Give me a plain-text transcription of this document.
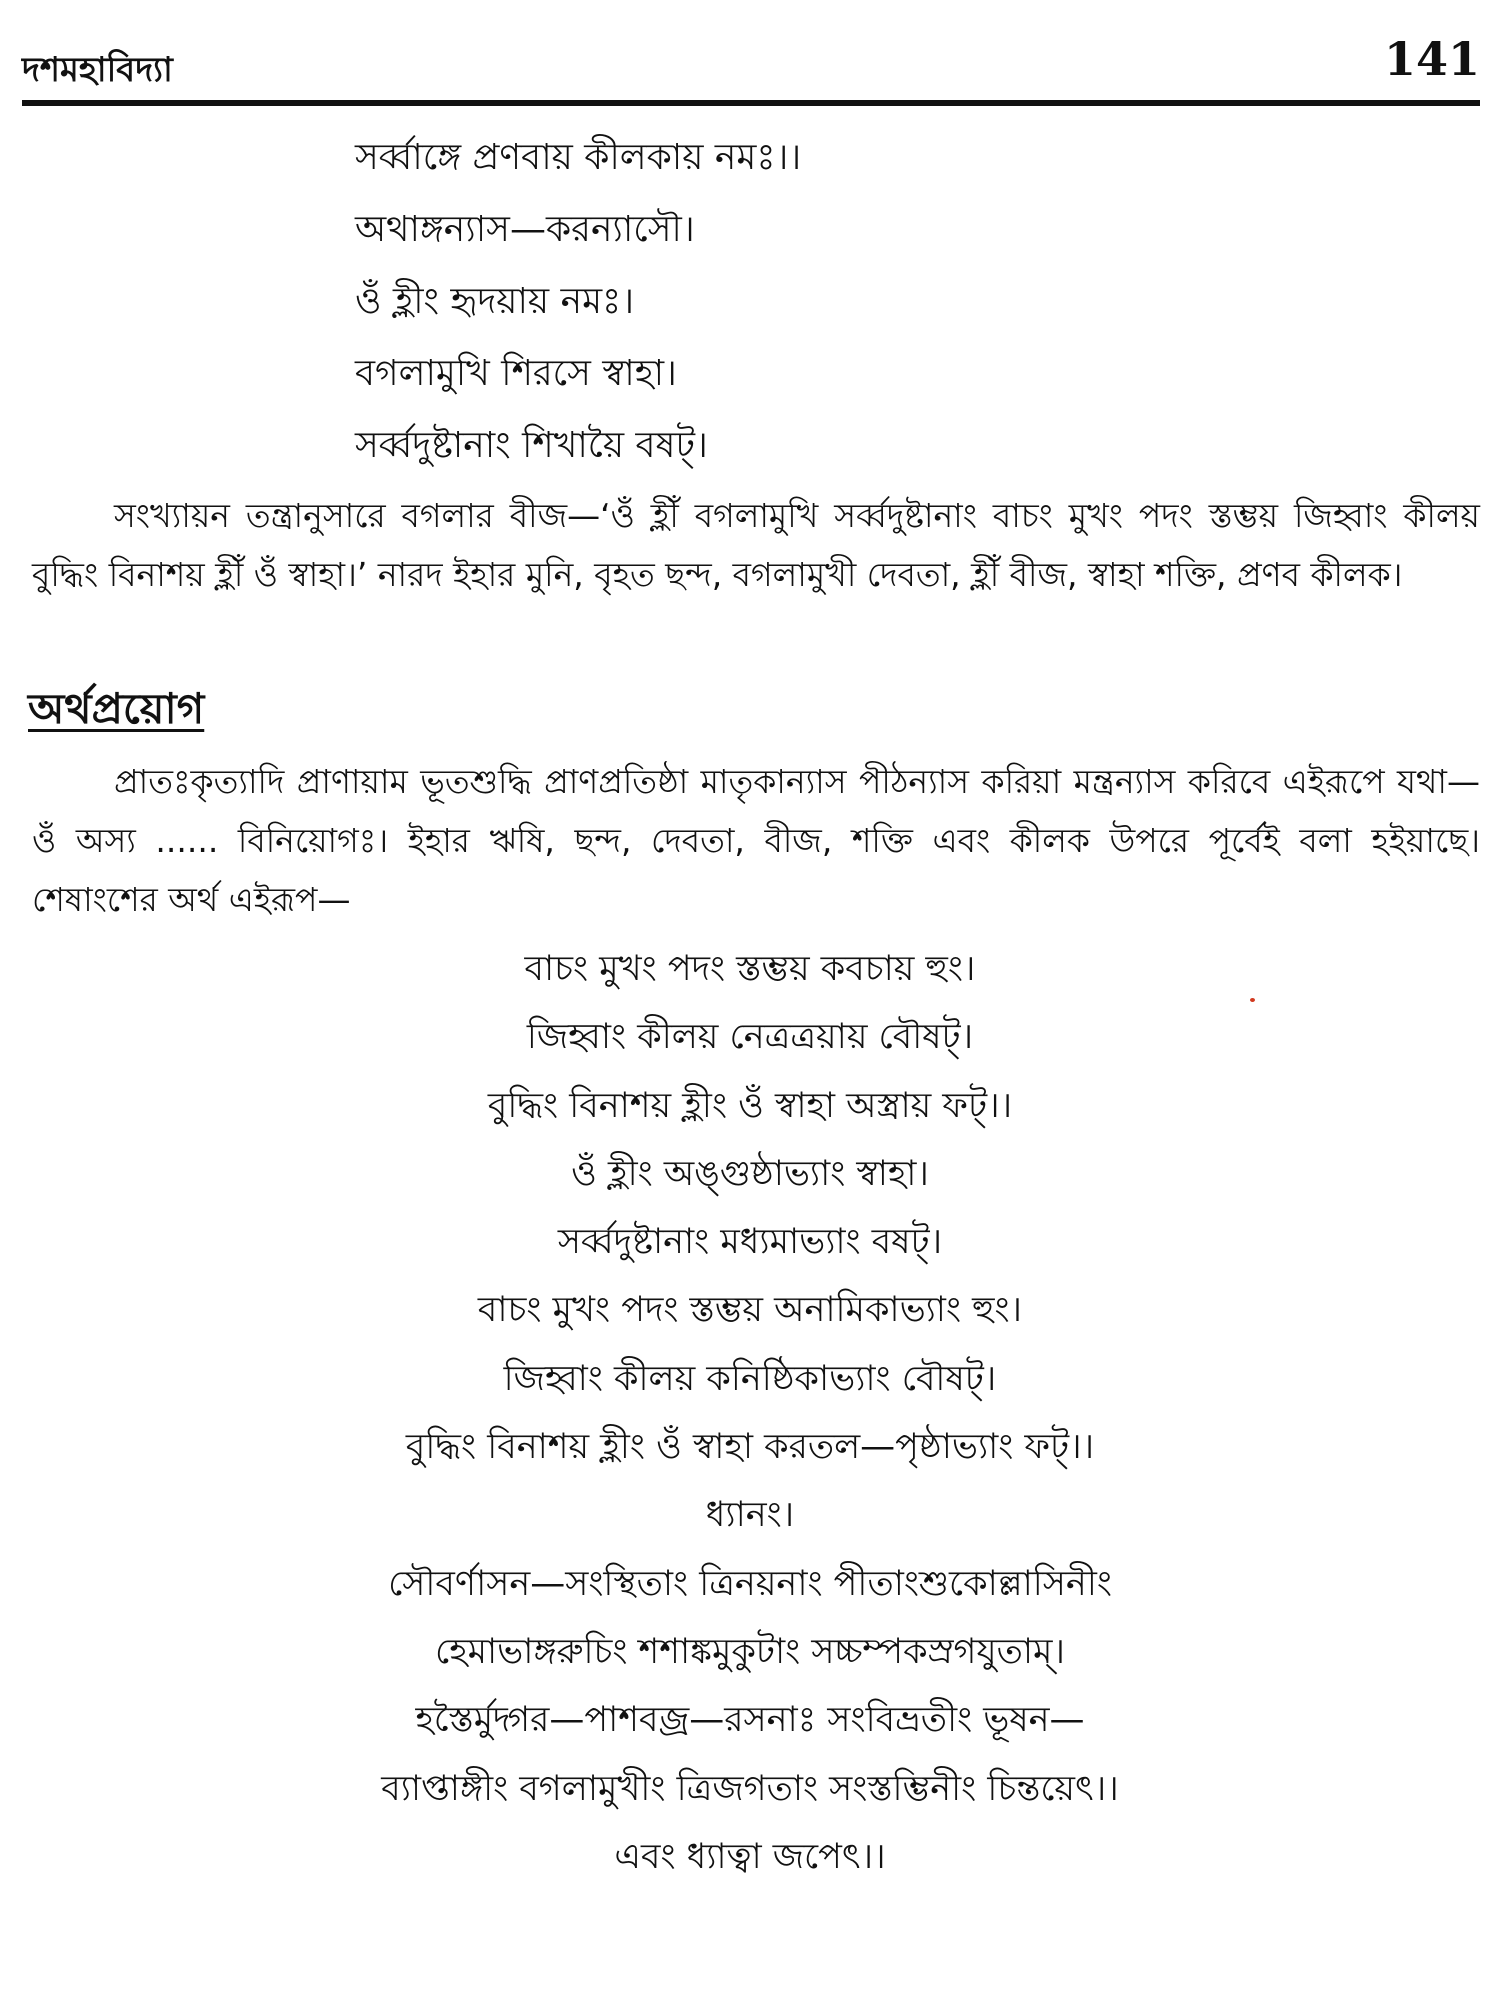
দশমহাবিদ্যা	141
সর্ব্বাঙ্গে প্রণবায় কীলকায় নমঃ।।
অথাঙ্গন্যাস—করন্যাসৌ।
ওঁ হ্লীং হৃদয়ায় নমঃ।
বগলামুখি শিরসে স্বাহা।
সর্ব্বদুষ্টানাং শিখায়ৈ বষট্।
সংখ্যায়ন তন্ত্রানুসারে বগলার বীজ—‘ওঁ হ্লীঁ বগলামুখি সর্ব্বদুষ্টানাং বাচং মুখং পদং স্তম্ভয় জিহ্বাং কীলয় বুদ্ধিং বিনাশয় হ্লীঁ ওঁ স্বাহা।’ নারদ ইহার মুনি, বৃহত ছন্দ, বগলামুখী দেবতা, হ্লীঁ বীজ, স্বাহা শক্তি, প্রণব কীলক।
অর্থপ্রয়োগ
প্রাতঃকৃত্যাদি প্রাণায়াম ভূতশুদ্ধি প্রাণপ্রতিষ্ঠা মাতৃকান্যাস পীঠন্যাস করিয়া মন্ত্রন্যাস করিবে এইরূপে যথা—ওঁ অস্য ...... বিনিয়োগঃ। ইহার ঋষি, ছন্দ, দেবতা, বীজ, শক্তি এবং কীলক উপরে পূর্বেই বলা হইয়াছে। শেষাংশের অর্থ এইরূপ—
বাচং মুখং পদং স্তম্ভয় কবচায় হুং।
জিহ্বাং কীলয় নেত্রত্রয়ায় বৌষট্।
বুদ্ধিং বিনাশয় হ্লীং ওঁ স্বাহা অস্ত্রায় ফট্।।
ওঁ হ্লীং অঙ্গুষ্ঠাভ্যাং স্বাহা।
সর্ব্বদুষ্টানাং মধ্যমাভ্যাং বষট্।
বাচং মুখং পদং স্তম্ভয় অনামিকাভ্যাং হুং।
জিহ্বাং কীলয় কনিষ্ঠিকাভ্যাং বৌষট্।
বুদ্ধিং বিনাশয় হ্লীং ওঁ স্বাহা করতল—পৃষ্ঠাভ্যাং ফট্।।
ধ্যানং।
সৌবর্ণাসন—সংস্থিতাং ত্রিনয়নাং পীতাংশুকোল্লাসিনীং
হেমাভাঙ্গরুচিং শশাঙ্কমুকুটাং সচ্চম্পকস্রগযুতাম্।
হস্তৈর্মুদ্গর—পাশবজ্র—রসনাঃ সংবিভ্রতীং ভূষন—
ব্যাপ্তাঙ্গীং বগলামুখীং ত্রিজগতাং সংস্তম্ভিনীং চিন্তয়েৎ।।
এবং ধ্যাত্বা জপেৎ।।
